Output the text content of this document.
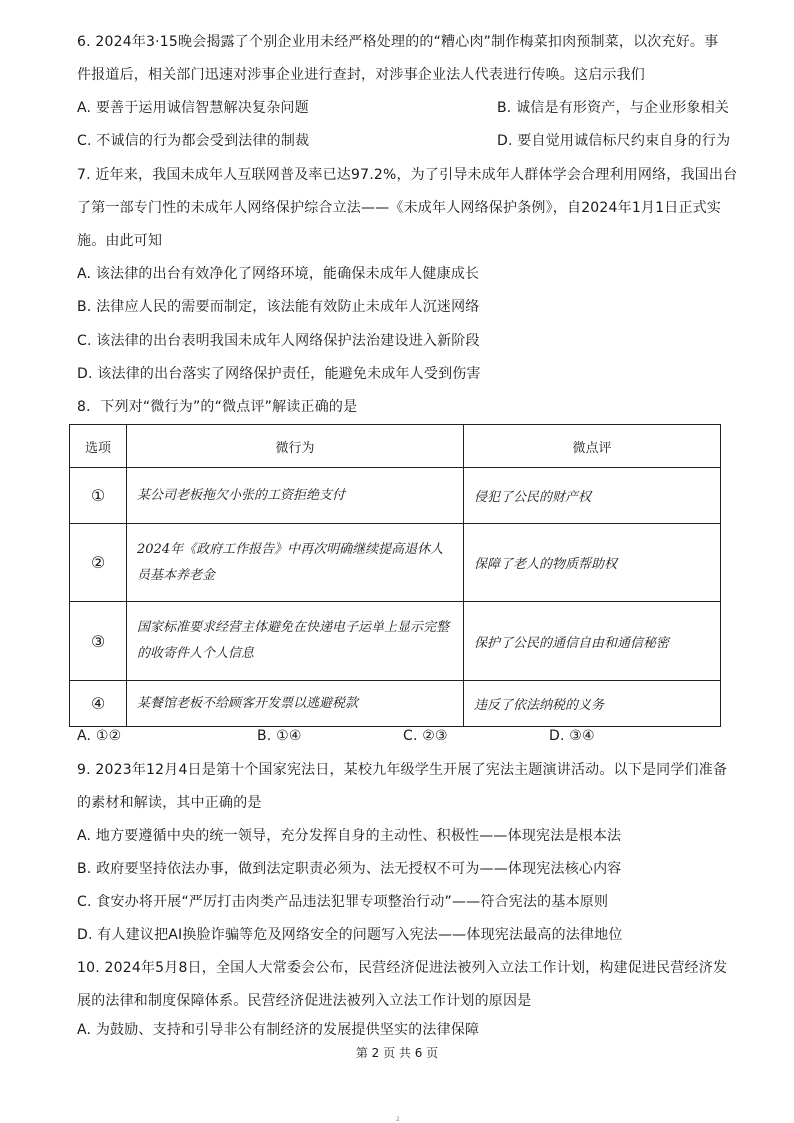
6. 2024年3·15晚会揭露了个别企业用未经严格处理的的“糟心肉”制作梅菜扣肉预制菜，以次充好。事
件报道后，相关部门迅速对涉事企业进行查封，对涉事企业法人代表进行传唤。这启示我们
A. 要善于运用诚信智慧解决复杂问题	B. 诚信是有形资产，与企业形象相关
C. 不诚信的行为都会受到法律的制裁	D. 要自觉用诚信标尺约束自身的行为
7. 近年来，我国未成年人互联网普及率已达97.2%，为了引导未成年人群体学会合理利用网络，我国出台
了第一部专门性的未成年人网络保护综合立法——《未成年人网络保护条例》，自2024年1月1日正式实
施。由此可知
A. 该法律的出台有效净化了网络环境，能确保未成年人健康成长
B. 法律应人民的需要而制定，该法能有效防止未成年人沉迷网络
C. 该法律的出台表明我国未成年人网络保护法治建设进入新阶段
D. 该法律的出台落实了网络保护责任，能避免未成年人受到伤害
8．下列对“微行为”的“微点评”解读正确的是
选项	微行为	微点评
①	某公司老板拖欠小张的工资拒绝支付	侵犯了公民的财产权
②	2024年《政府工作报告》中再次明确继续提高退休人员基本养老金	保障了老人的物质帮助权
③	国家标准要求经营主体避免在快递电子运单上显示完整的收寄件人个人信息	保护了公民的通信自由和通信秘密
④	某餐馆老板不给顾客开发票以逃避税款	违反了依法纳税的义务
A. ①②	B. ①④	C. ②③	D. ③④
9. 2023年12月4日是第十个国家宪法日，某校九年级学生开展了宪法主题演讲活动。以下是同学们准备
的素材和解读，其中正确的是
A. 地方要遵循中央的统一领导，充分发挥自身的主动性、积极性——体现宪法是根本法
B. 政府要坚持依法办事，做到法定职责必须为、法无授权不可为——体现宪法核心内容
C. 食安办将开展“严厉打击肉类产品违法犯罪专项整治行动”——符合宪法的基本原则
D. 有人建议把AI换脸诈骗等危及网络安全的问题写入宪法——体现宪法最高的法律地位
10. 2024年5月8日，全国人大常委会公布，民营经济促进法被列入立法工作计划，构建促进民营经济发
展的法律和制度保障体系。民营经济促进法被列入立法工作计划的原因是
A. 为鼓励、支持和引导非公有制经济的发展提供坚实的法律保障
第 2 页 共 6 页
2
